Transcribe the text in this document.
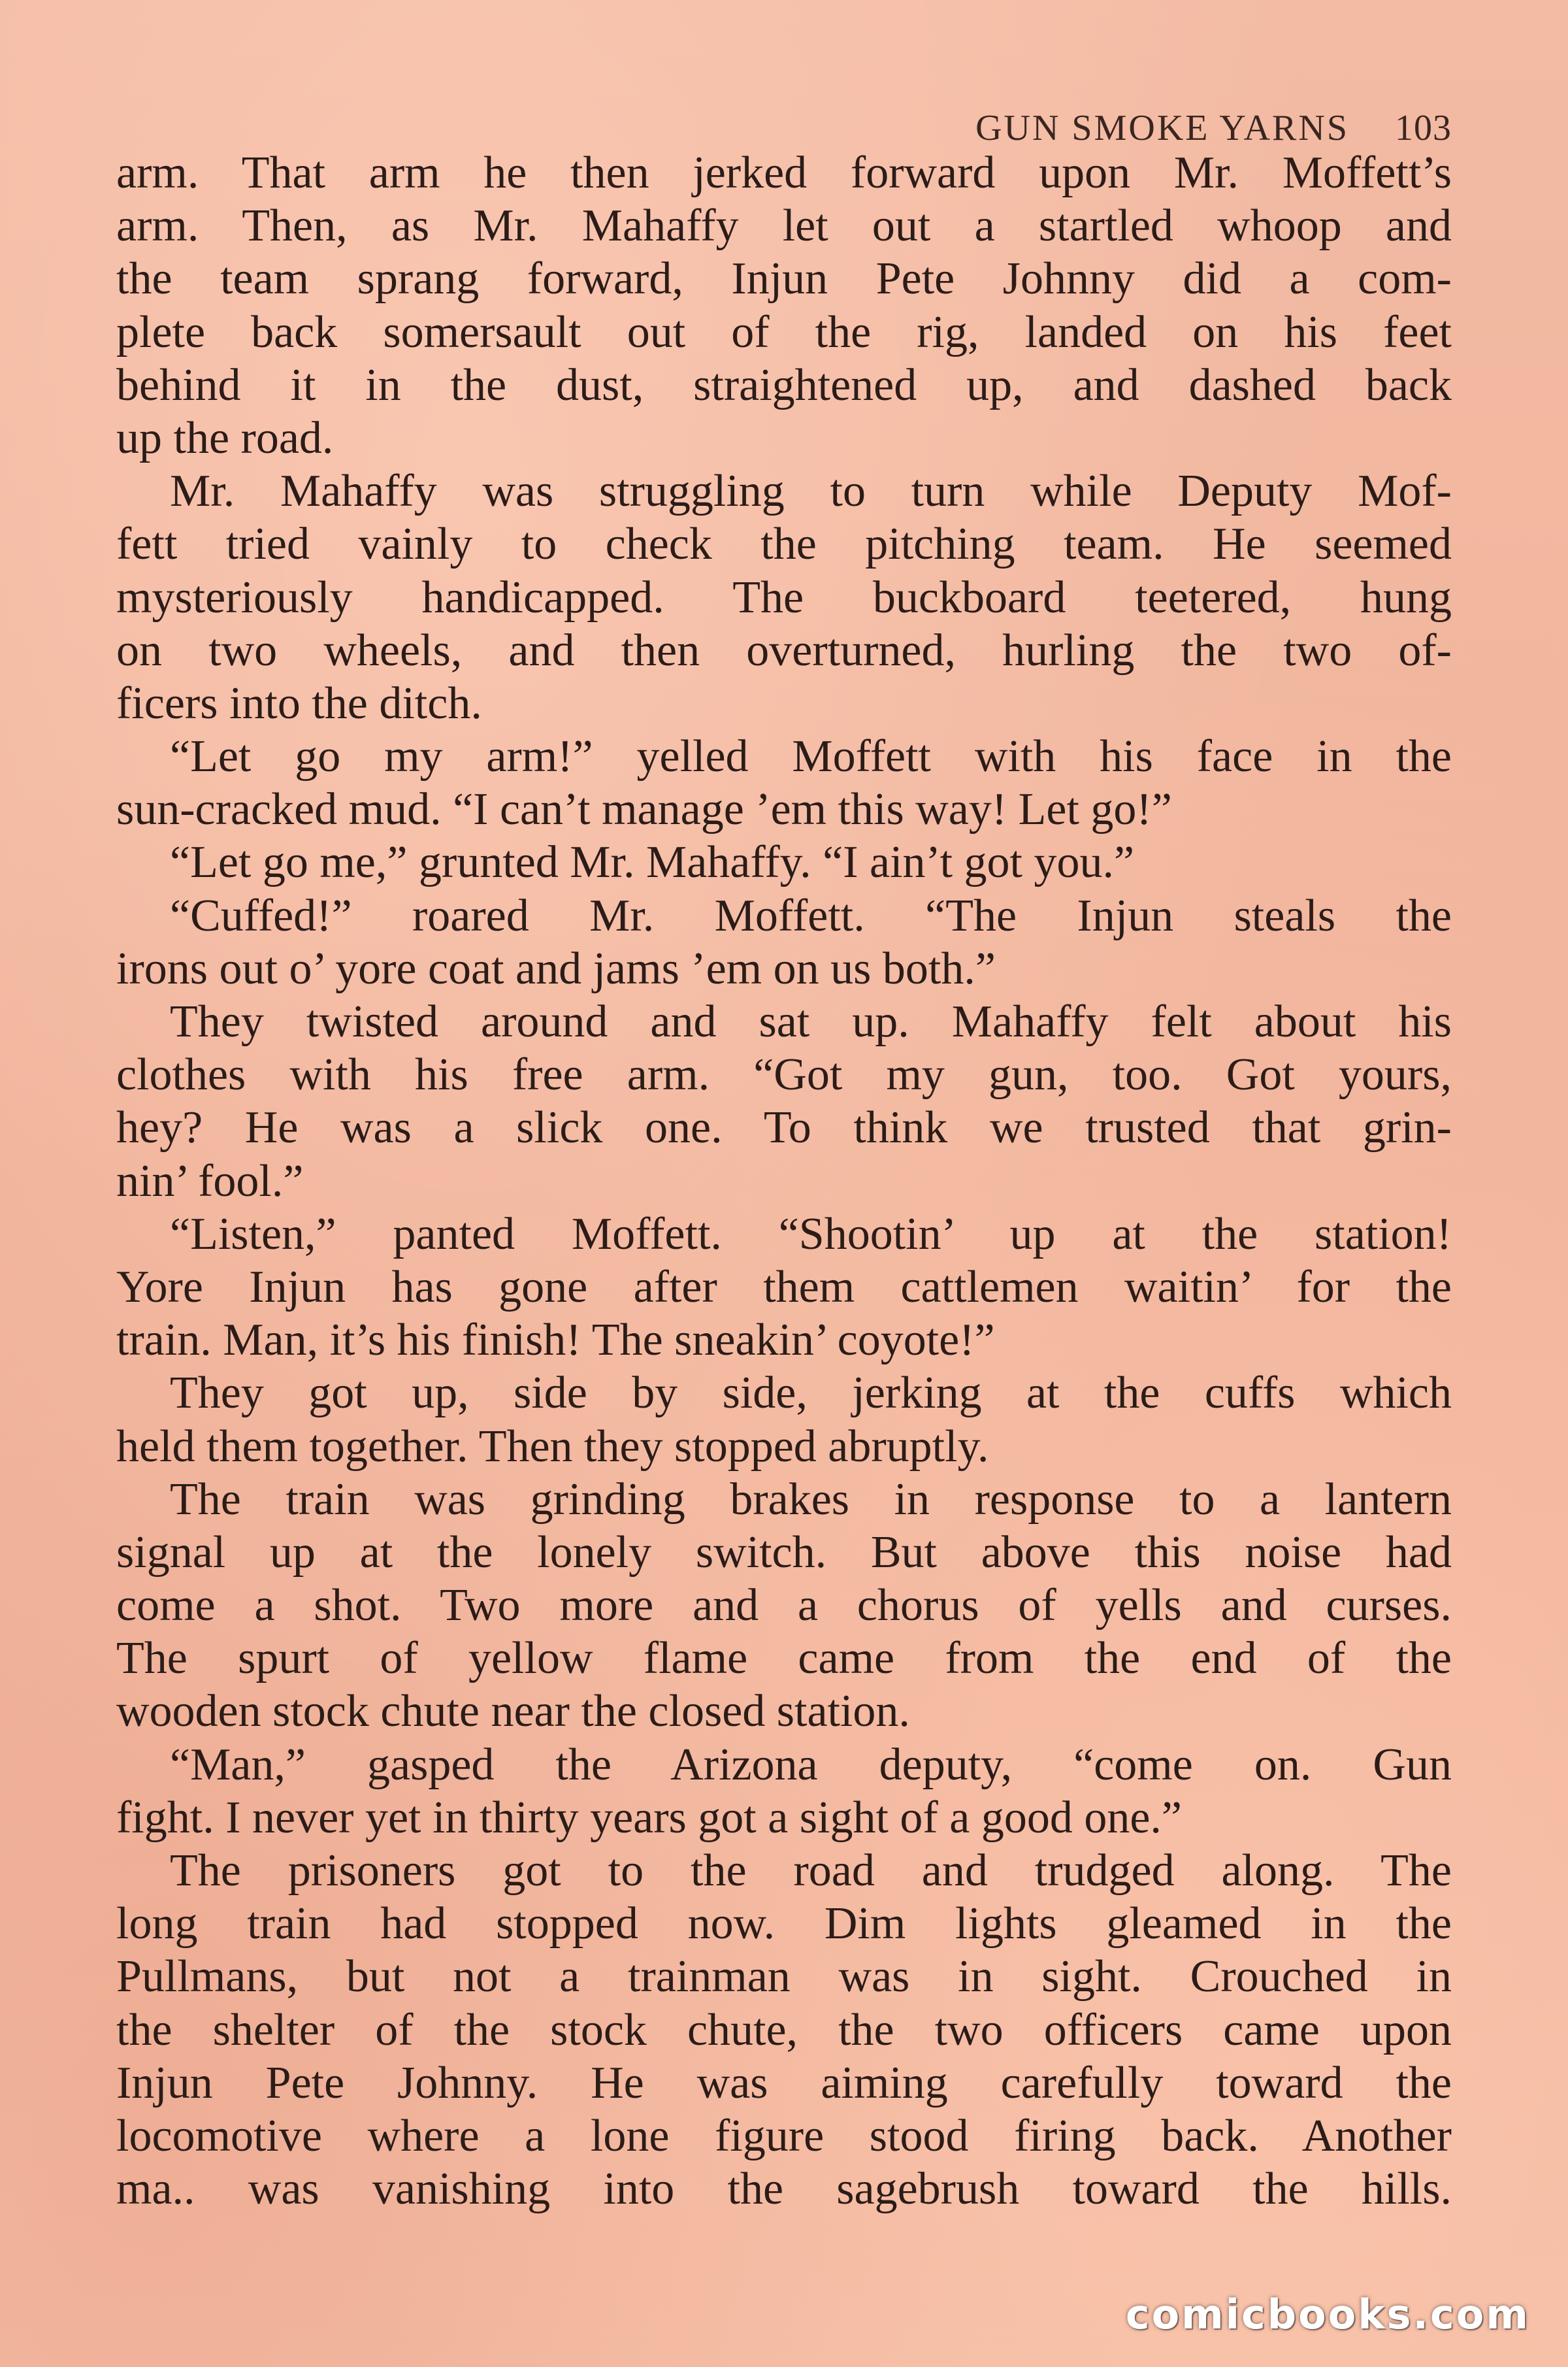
GUN SMOKE YARNS 103
arm. That arm he then jerked forward upon Mr. Moffett’s
arm. Then, as Mr. Mahaffy let out a startled whoop and
the team sprang forward, Injun Pete Johnny did a com-
plete back somersault out of the rig, landed on his feet
behind it in the dust, straightened up, and dashed back
up the road.
Mr. Mahaffy was struggling to turn while Deputy Mof-
fett tried vainly to check the pitching team. He seemed
mysteriously handicapped. The buckboard teetered, hung
on two wheels, and then overturned, hurling the two of-
ficers into the ditch.
“Let go my arm!” yelled Moffett with his face in the
sun-cracked mud. “I can’t manage ’em this way! Let go!”
“Let go me,” grunted Mr. Mahaffy. “I ain’t got you.”
“Cuffed!” roared Mr. Moffett. “The Injun steals the
irons out o’ yore coat and jams ’em on us both.”
They twisted around and sat up. Mahaffy felt about his
clothes with his free arm. “Got my gun, too. Got yours,
hey? He was a slick one. To think we trusted that grin-
nin’ fool.”
“Listen,” panted Moffett. “Shootin’ up at the station!
Yore Injun has gone after them cattlemen waitin’ for the
train. Man, it’s his finish! The sneakin’ coyote!”
They got up, side by side, jerking at the cuffs which
held them together. Then they stopped abruptly.
The train was grinding brakes in response to a lantern
signal up at the lonely switch. But above this noise had
come a shot. Two more and a chorus of yells and curses.
The spurt of yellow flame came from the end of the
wooden stock chute near the closed station.
“Man,” gasped the Arizona deputy, “come on. Gun
fight. I never yet in thirty years got a sight of a good one.”
The prisoners got to the road and trudged along. The
long train had stopped now. Dim lights gleamed in the
Pullmans, but not a trainman was in sight. Crouched in
the shelter of the stock chute, the two officers came upon
Injun Pete Johnny. He was aiming carefully toward the
locomotive where a lone figure stood firing back. Another
ma.. was vanishing into the sagebrush toward the hills.
comicbooks.com
